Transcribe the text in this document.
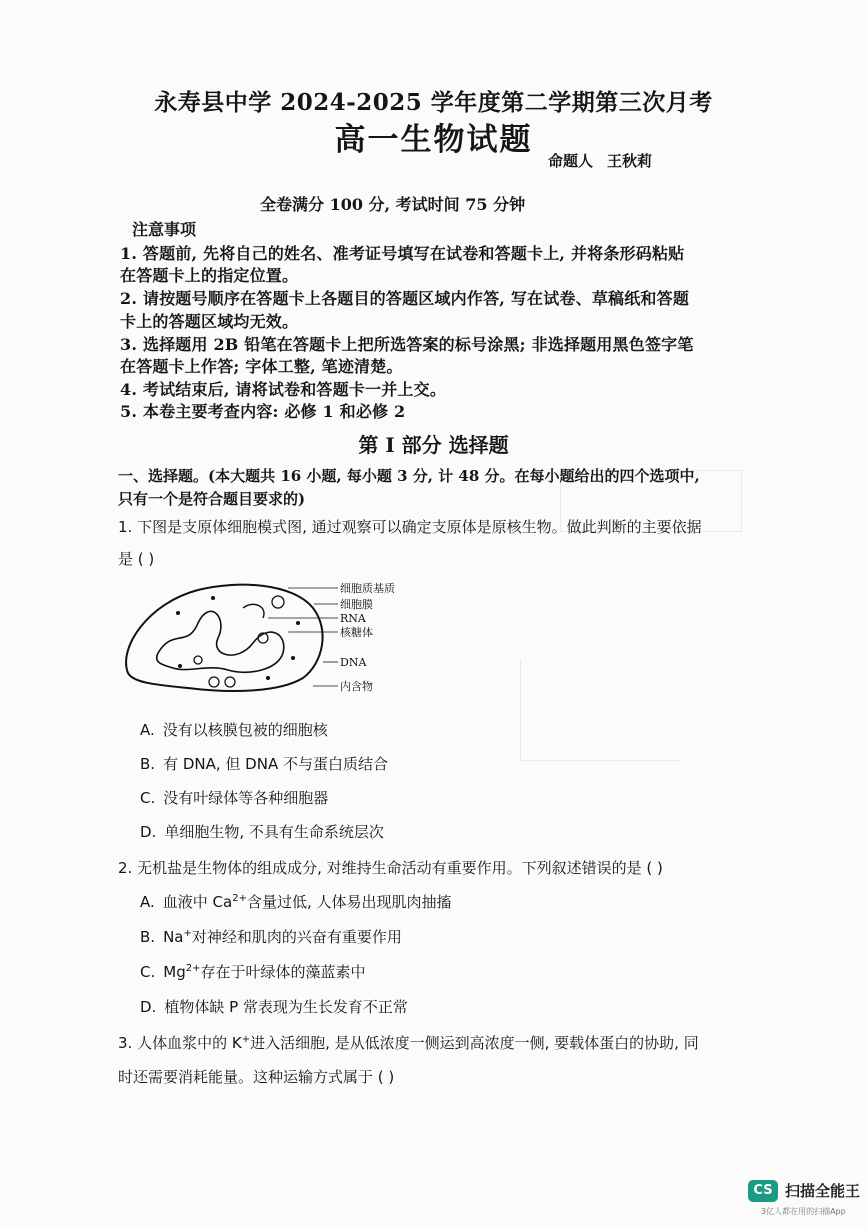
永寿县中学 2024-2025 学年度第二学期第三次月考
高一生物试题
命题人 王秋莉
全卷满分 100 分, 考试时间 75 分钟
注意事项
1. 答题前, 先将自己的姓名、准考证号填写在试卷和答题卡上, 并将条形码粘贴
在答题卡上的指定位置。
2. 请按题号顺序在答题卡上各题目的答题区域内作答, 写在试卷、草稿纸和答题
卡上的答题区域均无效。
3. 选择题用 2B 铅笔在答题卡上把所选答案的标号涂黑; 非选择题用黑色签字笔
在答题卡上作答; 字体工整, 笔迹清楚。
4. 考试结束后, 请将试卷和答题卡一并上交。
5. 本卷主要考查内容: 必修 1 和必修 2
第 Ⅰ 部分 选择题
一、选择题。(本大题共 16 小题, 每小题 3 分, 计 48 分。在每小题给出的四个选项中,
只有一个是符合题目要求的)
1. 下图是支原体细胞模式图, 通过观察可以确定支原体是原核生物。做此判断的主要依据
是 ( )
细胞质基质
细胞膜
RNA
核糖体
DNA
内含物
A. 没有以核膜包被的细胞核
B. 有 DNA, 但 DNA 不与蛋白质结合
C. 没有叶绿体等各种细胞器
D. 单细胞生物, 不具有生命系统层次
2. 无机盐是生物体的组成成分, 对维持生命活动有重要作用。下列叙述错误的是 ( )
A. 血液中 $Ca^{2+}$含量过低, 人体易出现肌肉抽搐
B. Na+对神经和肌肉的兴奋有重要作用
C. $Mg^{2+}$存在于叶绿体的藻蓝素中
D. 植物体缺 P 常表现为生长发育不正常
3. 人体血浆中的 K+进入活细胞, 是从低浓度一侧运到高浓度一侧, 要载体蛋白的协助, 同
时还需要消耗能量。这种运输方式属于 ( )
CS 扫描全能王
3亿人都在用的扫描App
